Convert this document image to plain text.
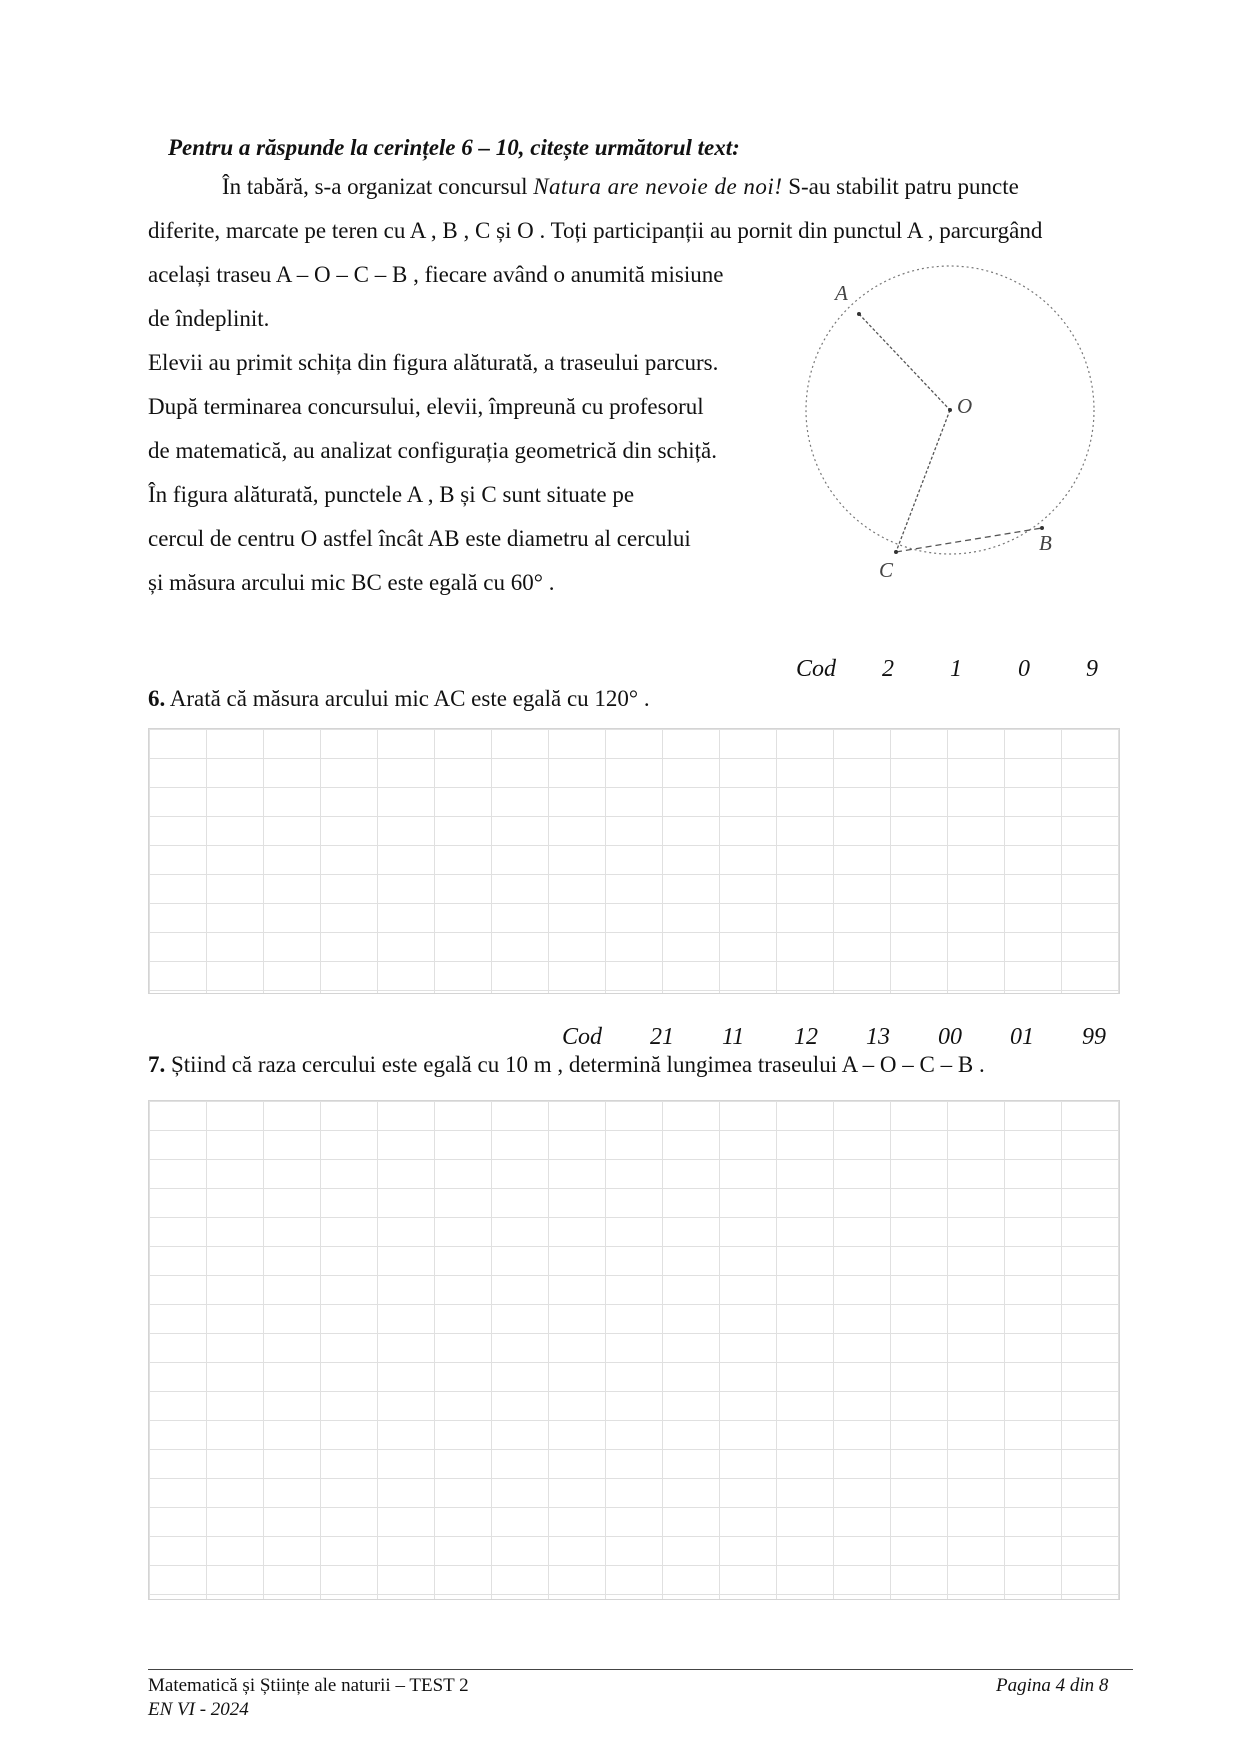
Pentru a răspunde la cerințele 6 – 10, citește următorul text:
În tabără, s-a organizat concursul Natura are nevoie de noi! S-au stabilit patru puncte
diferite, marcate pe teren cu A , B , C și O . Toți participanții au pornit din punctul A , parcurgând
același traseu A – O – C – B , fiecare având o anumită misiune
de îndeplinit.
Elevii au primit schița din figura alăturată, a traseului parcurs.
După terminarea concursului, elevii, împreună cu profesorul
de matematică, au analizat configurația geometrică din schiță.
În figura alăturată, punctele A , B și C sunt situate pe
cercul de centru O astfel încât AB este diametru al cercului
și măsura arcului mic BC este egală cu 60° .
A
O
B
C
Cod 2 1 0 9
6. Arată că măsura arcului mic AC este egală cu 120° .
Cod 21 11 12 13 00 01 99
7. Știind că raza cercului este egală cu 10 m , determină lungimea traseului A – O – C – B .
Matematică și Științe ale naturii – TEST 2
EN VI - 2024
Pagina 4 din 8
